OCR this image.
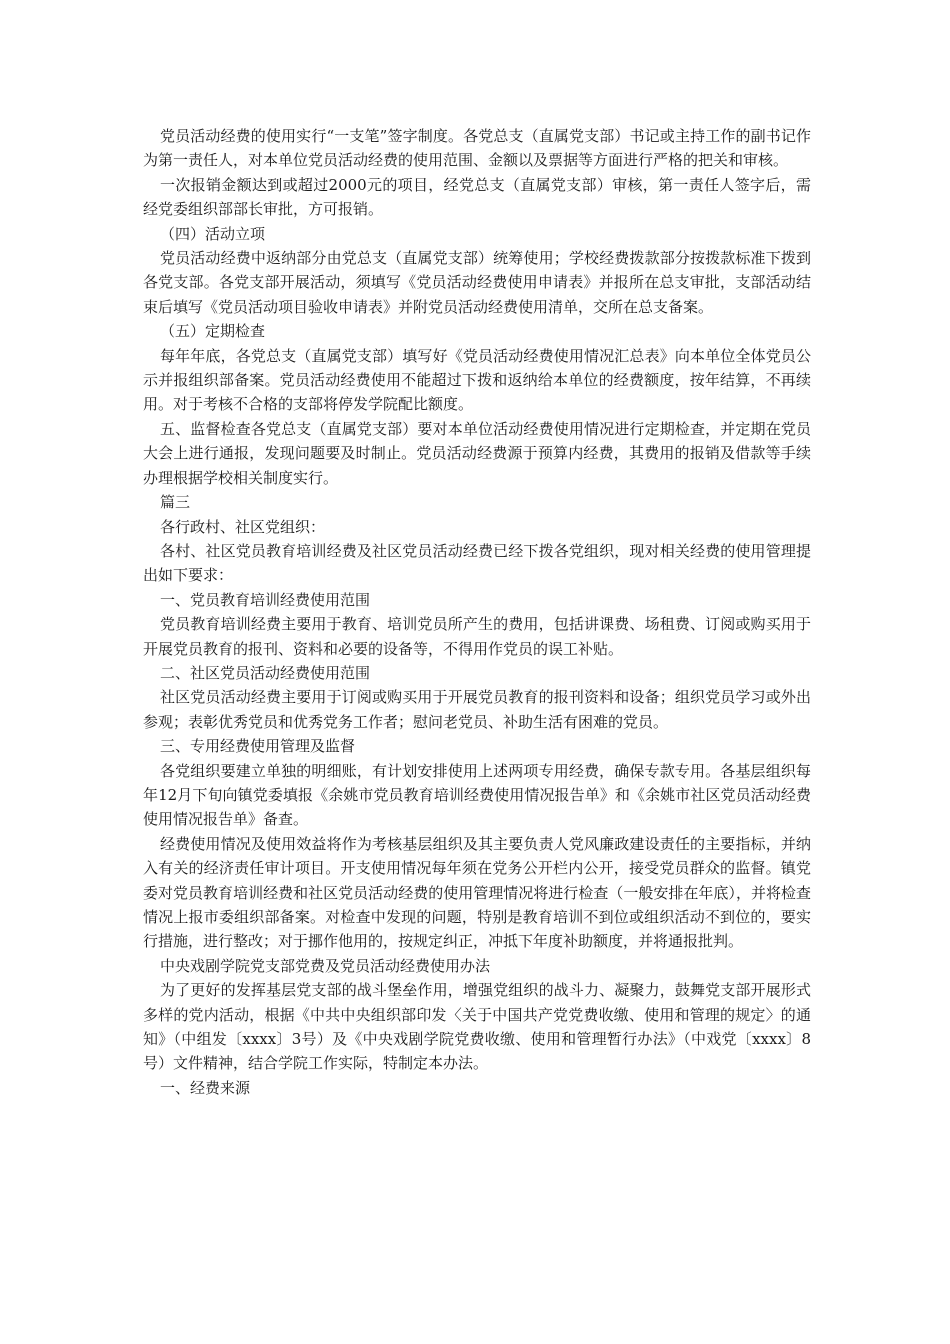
党员活动经费的使用实行“一支笔”签字制度。各党总支（直属党支部）书记或主持工作的副书记作为第一责任人，对本单位党员活动经费的使用范围、金额以及票据等方面进行严格的把关和审核。

一次报销金额达到或超过2000元的项目，经党总支（直属党支部）审核，第一责任人签字后，需经党委组织部部长审批，方可报销。

（四）活动立项

党员活动经费中返纳部分由党总支（直属党支部）统筹使用；学校经费拨款部分按拨款标准下拨到各党支部。各党支部开展活动，须填写《党员活动经费使用申请表》并报所在总支审批，支部活动结束后填写《党员活动项目验收申请表》并附党员活动经费使用清单，交所在总支备案。

（五）定期检查

每年年底，各党总支（直属党支部）填写好《党员活动经费使用情况汇总表》向本单位全体党员公示并报组织部备案。党员活动经费使用不能超过下拨和返纳给本单位的经费额度，按年结算，不再续用。对于考核不合格的支部将停发学院配比额度。

五、监督检查各党总支（直属党支部）要对本单位活动经费使用情况进行定期检查，并定期在党员大会上进行通报，发现问题要及时制止。党员活动经费源于预算内经费，其费用的报销及借款等手续办理根据学校相关制度实行。

篇三

各行政村、社区党组织：

各村、社区党员教育培训经费及社区党员活动经费已经下拨各党组织，现对相关经费的使用管理提出如下要求：

一、党员教育培训经费使用范围

党员教育培训经费主要用于教育、培训党员所产生的费用，包括讲课费、场租费、订阅或购买用于开展党员教育的报刊、资料和必要的设备等，不得用作党员的误工补贴。

二、社区党员活动经费使用范围

社区党员活动经费主要用于订阅或购买用于开展党员教育的报刊资料和设备；组织党员学习或外出参观；表彰优秀党员和优秀党务工作者；慰问老党员、补助生活有困难的党员。

三、专用经费使用管理及监督

各党组织要建立单独的明细账，有计划安排使用上述两项专用经费，确保专款专用。各基层组织每年12月下旬向镇党委填报《余姚市党员教育培训经费使用情况报告单》和《余姚市社区党员活动经费使用情况报告单》备查。

经费使用情况及使用效益将作为考核基层组织及其主要负责人党风廉政建设责任的主要指标，并纳入有关的经济责任审计项目。开支使用情况每年须在党务公开栏内公开，接受党员群众的监督。镇党委对党员教育培训经费和社区党员活动经费的使用管理情况将进行检查（一般安排在年底），并将检查情况上报市委组织部备案。对检查中发现的问题，特别是教育培训不到位或组织活动不到位的，要实行措施，进行整改；对于挪作他用的，按规定纠正，冲抵下年度补助额度，并将通报批判。

中央戏剧学院党支部党费及党员活动经费使用办法

为了更好的发挥基层党支部的战斗堡垒作用，增强党组织的战斗力、凝聚力，鼓舞党支部开展形式多样的党内活动，根据《中共中央组织部印发〈关于中国共产党党费收缴、使用和管理的规定〉的通知》（中组发〔xxxx〕3号）及《中央戏剧学院党费收缴、使用和管理暂行办法》（中戏党〔xxxx〕8号）文件精神，结合学院工作实际，特制定本办法。

一、经费来源
